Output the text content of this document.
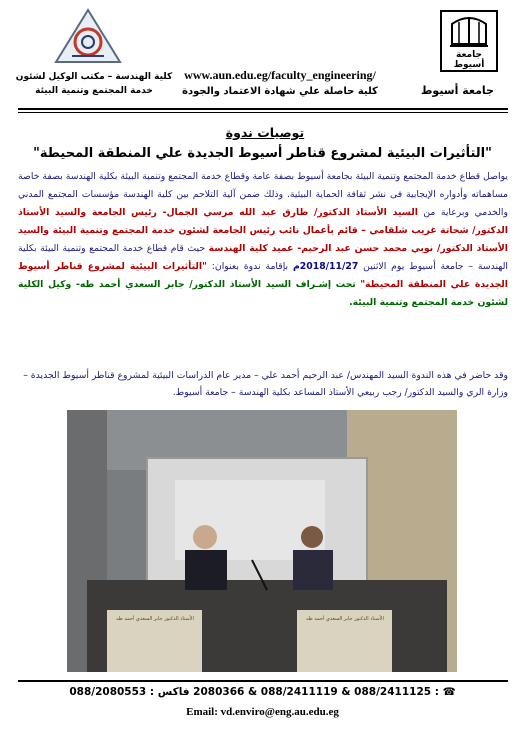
جامعة أسيوط
جامعة أسيوط
كلية الهندسة – مكتب الوكيل لشئون
خدمة المجتمع وتنمية البيئة
www.aun.edu.eg/faculty_engineering/
كلية حاصلة علي شهادة الاعتماد والجودة
توصيات ندوة
"التأثيرات البيئية لمشروع قناطر أسيوط الجديدة علي المنطقة المحيطة"
يواصل قطاع خدمة المجتمع وتنمية البيئة بجامعة أسيوط بصفة عامة وقطاع خدمة المجتمع وتنمية البيئة بكلية الهندسة بصفة خاصة مساهماته وأدواره الإيجابية فى نشر ثقافة الحماية البيئية. وذلك ضمن آلية التلاحم بين كلية الهندسة مؤسسات المجتمع المدني والخدمي وبرعاية من السيد الأستاذ الدكتور/ طارق عبد الله مرسي الجمال- رئيس الجامعة والسيد الأستاذ الدكتور/ شحاتة غريب شلقامي – قائم بأعمال نائب رئيس الجامعة لشئون خدمة المجتمع وتنمية البيئة والسيد الأستاذ الدكتور/ نوبي محمد حسن عبد الرحيم- عميد كلية الهندسة حيث قام قطاع خدمة المجتمع وتنمية البيئة بكلية الهندسة – جامعة أسيوط يوم الاثنين 2018/11/27م بإقامة ندوة بعنوان: "التأثيرات البيئية لمشروع قناطر أسيوط الجديدة علي المنطقة المحيطة" تحت إشـراف السيد الأستاذ الدكتور/ جابر السعدي أحمد طه- وكيل الكلية لشئون خدمة المجتمع وتنمية البيئة.
وقد حاضر في هذه الندوة السيد المهندس/ عبد الرحيم أحمد علي – مدير عام الدراسات البيئية لمشروع قناطر أسيوط الجديدة – وزارة الري والسيد الدكتور/ رجب ربيعي الأستاذ المساعد بكلية الهندسة – جامعة أسيوط.
الأستاذ الدكتور جابر السعدي أحمد طه	الأستاذ الدكتور جابر السعدي أحمد طه
☎ : 088/2411125 & 088/2411119 & 2080366 فاكس : 088/2080553
Email: vd.enviro@eng.au.edu.eg
